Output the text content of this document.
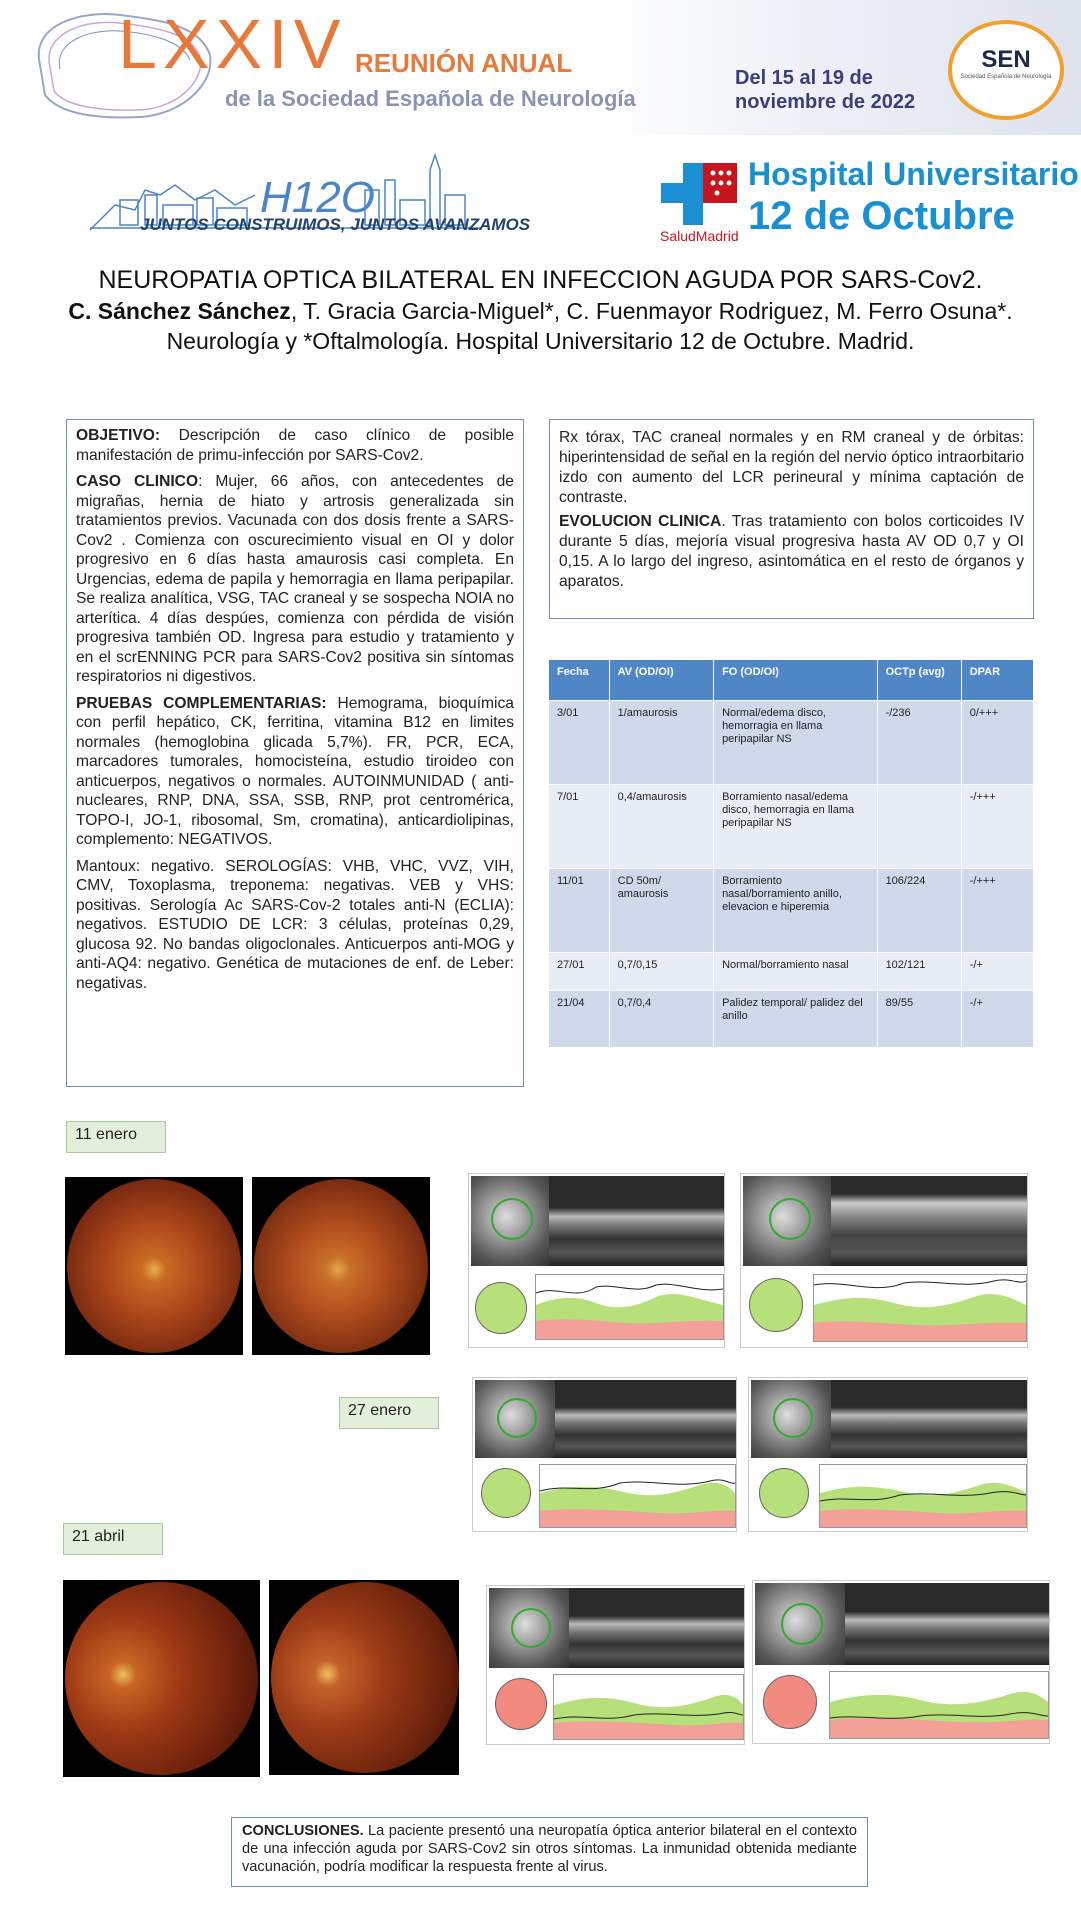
LXXIV REUNIÓN ANUAL
de la Sociedad Española de Neurología
Del 15 al 19 de
noviembre de 2022
SEN
Sociedad Española de Neurología
H12O
JUNTOS CONSTRUIMOS, JUNTOS AVANZAMOS
Hospital Universitario
12 de Octubre
SaludMadrid
NEUROPATIA OPTICA BILATERAL EN INFECCION AGUDA POR SARS-Cov2.
C. Sánchez Sánchez, T. Gracia Garcia-Miguel*, C. Fuenmayor Rodriguez, M. Ferro Osuna*.
Neurología y *Oftalmología. Hospital Universitario 12 de Octubre. Madrid.

OBJETIVO: Descripción de caso clínico de posible manifestación de primu-infección por SARS-Cov2.

CASO CLINICO: Mujer, 66 años, con antecedentes de migrañas, hernia de hiato y artrosis generalizada sin tratamientos previos. Vacunada con dos dosis frente a SARS-Cov2 . Comienza con oscurecimiento visual en OI y dolor progresivo en 6 días hasta amaurosis casi completa. En Urgencias, edema de papila y hemorragia en llama peripapilar. Se realiza analítica, VSG, TAC craneal y se sospecha NOIA no arterítica. 4 días despúes, comienza con pérdida de visión progresiva también OD. Ingresa para estudio y tratamiento y en el scrENNING PCR para SARS-Cov2 positiva sin síntomas respiratorios ni digestivos.

PRUEBAS COMPLEMENTARIAS: Hemograma, bioquímica con perfil hepático, CK, ferritina, vitamina B12 en limites normales (hemoglobina glicada 5,7%). FR, PCR, ECA, marcadores tumorales, homocisteína, estudio tiroideo con anticuerpos, negativos o normales. AUTOINMUNIDAD ( anti-nucleares, RNP, DNA, SSA, SSB, RNP, prot centromérica, TOPO-I, JO-1, ribosomal, Sm, cromatina), anticardiolipinas, complemento: NEGATIVOS.

Mantoux: negativo. SEROLOGÍAS: VHB, VHC, VVZ, VIH, CMV, Toxoplasma, treponema: negativas. VEB y VHS: positivas. Serología Ac SARS-Cov-2 totales anti-N (ECLIA): negativos. ESTUDIO DE LCR: 3 células, proteínas 0,29, glucosa 92. No bandas oligoclonales. Anticuerpos anti-MOG y anti-AQ4: negativo. Genética de mutaciones de enf. de Leber: negativas.

Rx tórax, TAC craneal normales y en RM craneal y de órbitas: hiperintensidad de señal en la región del nervio óptico intraorbitario izdo con aumento del LCR perineural y mínima captación de contraste.

EVOLUCION CLINICA. Tras tratamiento con bolos corticoides IV durante 5 días, mejoría visual progresiva hasta AV OD 0,7 y OI 0,15. A lo largo del ingreso, asintomática en el resto de órganos y aparatos.

Fecha	AV (OD/OI)	FO (OD/OI)	OCTp (avg)	DPAR
3/01	1/amaurosis	Normal/edema disco, hemorragia en llama peripapilar NS	-/236	0/+++
7/01	0,4/amaurosis	Borramiento nasal/edema disco, hemorragia en llama peripapilar NS		-/+++
11/01	CD 50m/ amaurosis	Borramiento nasal/borramiento anillo, elevacion e hiperemia	106/224	-/+++
27/01	0,7/0,15	Normal/borramiento nasal	102/121	-/+
21/04	0,7/0,4	Palidez temporal/ palidez del anillo	89/55	-/+
11 enero
27 enero
21 abril
CONCLUSIONES. La paciente presentó una neuropatía óptica anterior bilateral en el contexto de una infección aguda por SARS-Cov2 sin otros síntomas. La inmunidad obtenida mediante vacunación, podría modificar la respuesta frente al virus.
